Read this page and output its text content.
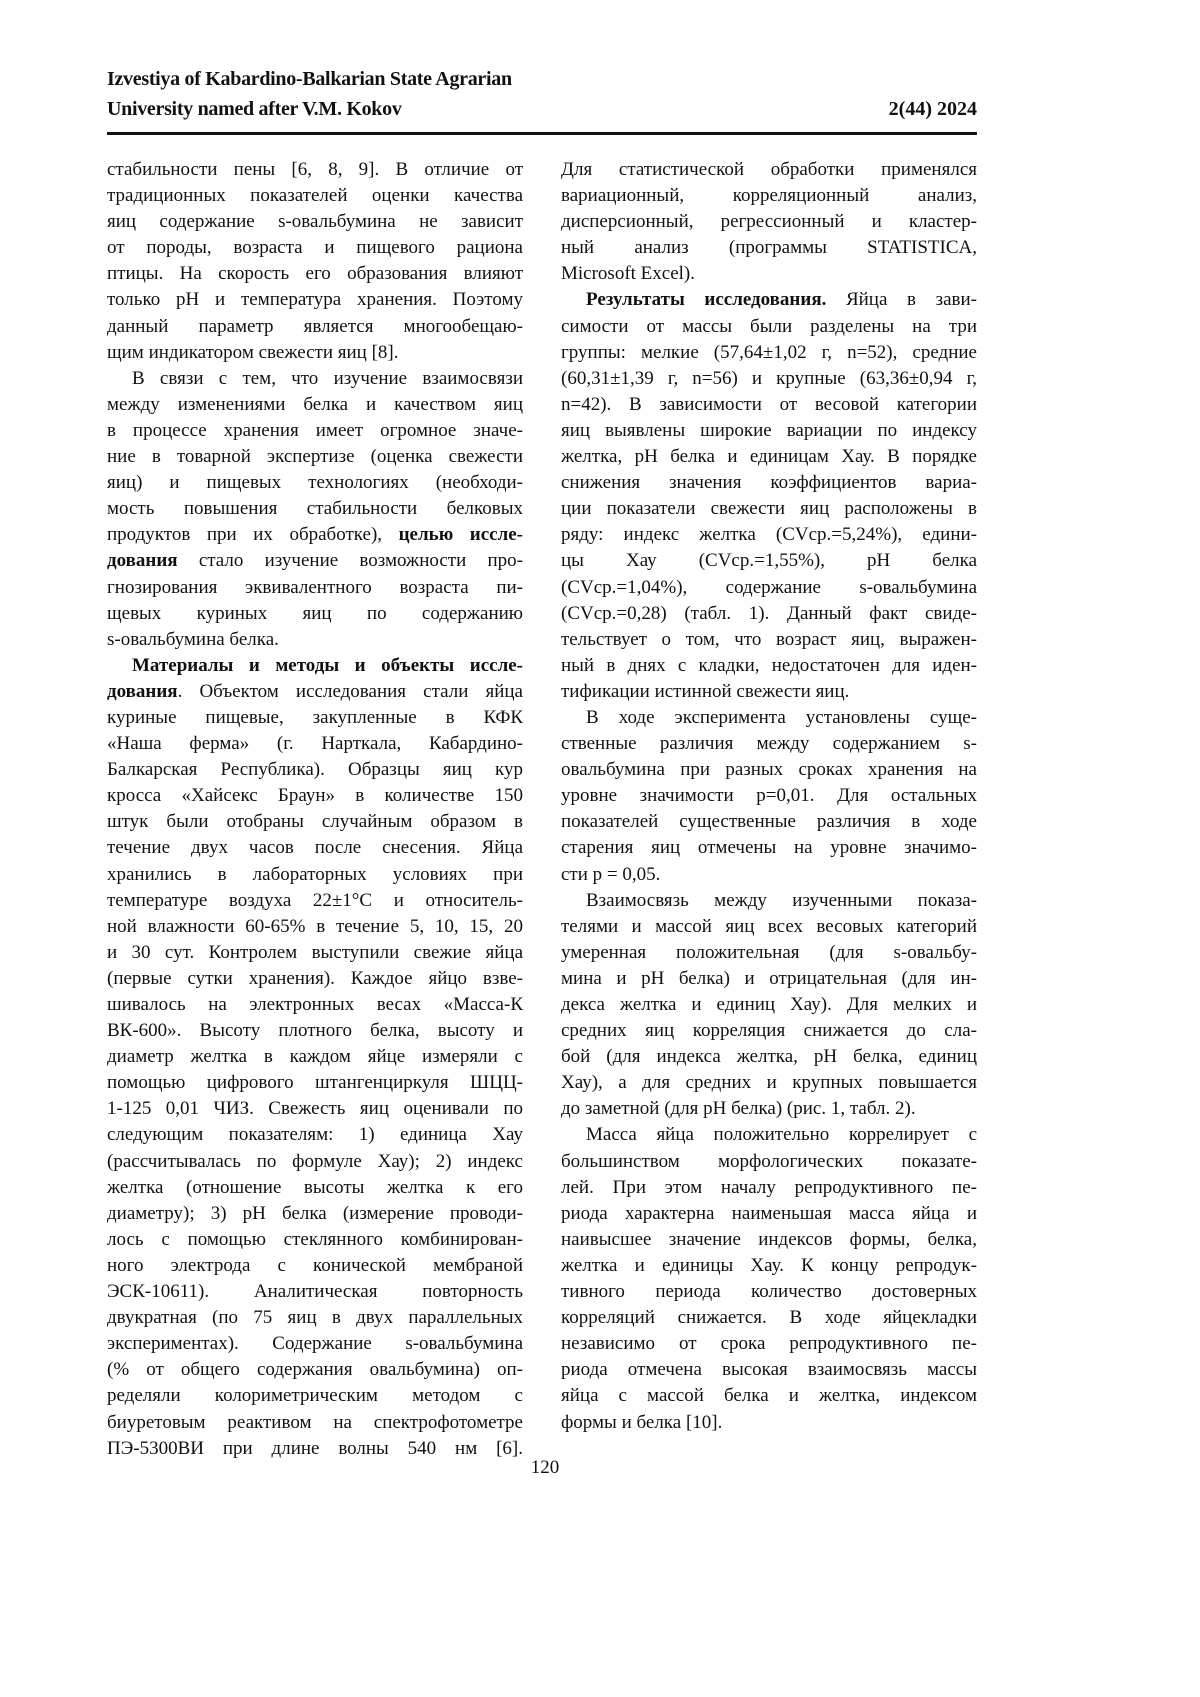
Izvestiya of Kabardino-Balkarian State Agrarian
University named after V.M. Kokov	2(44) 2024
стабильности пены [6, 8, 9]. В отличие от
традиционных показателей оценки качества
яиц содержание s-овальбумина не зависит
от породы, возраста и пищевого рациона
птицы. На скорость его образования влияют
только pH и температура хранения. Поэтому
данный параметр является многообещаю-
щим индикатором свежести яиц [8].
В связи с тем, что изучение взаимосвязи
между изменениями белка и качеством яиц
в процессе хранения имеет огромное значе-
ние в товарной экспертизе (оценка свежести
яиц) и пищевых технологиях (необходи-
мость повышения стабильности белковых
продуктов при их обработке), целью иссле-
дования стало изучение возможности про-
гнозирования эквивалентного возраста пи-
щевых куриных яиц по содержанию
s-овальбумина белка.
Материалы и методы и объекты иссле-
дования. Объектом исследования стали яйца
куриные пищевые, закупленные в КФК
«Наша ферма» (г. Нарткала, Кабардино-
Балкарская Республика). Образцы яиц кур
кросса «Хайсекс Браун» в количестве 150
штук были отобраны случайным образом в
течение двух часов после снесения. Яйца
хранились в лабораторных условиях при
температуре воздуха 22±1°C и относитель-
ной влажности 60-65% в течение 5, 10, 15, 20
и 30 сут. Контролем выступили свежие яйца
(первые сутки хранения). Каждое яйцо взве-
шивалось на электронных весах «Масса-К
ВК-600». Высоту плотного белка, высоту и
диаметр желтка в каждом яйце измеряли с
помощью цифрового штангенциркуля ШЦЦ-
1-125 0,01 ЧИЗ. Свежесть яиц оценивали по
следующим показателям: 1) единица Хау
(рассчитывалась по формуле Хау); 2) индекс
желтка (отношение высоты желтка к его
диаметру); 3) pH белка (измерение проводи-
лось с помощью стеклянного комбинирован-
ного электрода с конической мембраной
ЭСК-10611). Аналитическая повторность
двукратная (по 75 яиц в двух параллельных
экспериментах). Содержание s-овальбумина
(% от общего содержания овальбумина) оп-
ределяли колориметрическим методом с
биуретовым реактивом на спектрофотометре
ПЭ-5300ВИ при длине волны 540 нм [6].
Для статистической обработки применялся
вариационный, корреляционный анализ,
дисперсионный, регрессионный и кластер-
ный анализ (программы STATISTICA,
Microsoft Excel).
Результаты исследования. Яйца в зави-
симости от массы были разделены на три
группы: мелкие (57,64±1,02 г, n=52), средние
(60,31±1,39 г, n=56) и крупные (63,36±0,94 г,
n=42). В зависимости от весовой категории
яиц выявлены широкие вариации по индексу
желтка, pH белка и единицам Хау. В порядке
снижения значения коэффициентов вариа-
ции показатели свежести яиц расположены в
ряду: индекс желтка (CVср.=5,24%), едини-
цы Хау (CVср.=1,55%), pH белка
(CVср.=1,04%), содержание s-овальбумина
(CVср.=0,28) (табл. 1). Данный факт свиде-
тельствует о том, что возраст яиц, выражен-
ный в днях с кладки, недостаточен для иден-
тификации истинной свежести яиц.
В ходе эксперимента установлены суще-
ственные различия между содержанием s-
овальбумина при разных сроках хранения на
уровне значимости p=0,01. Для остальных
показателей существенные различия в ходе
старения яиц отмечены на уровне значимо-
сти p = 0,05.
Взаимосвязь между изученными показа-
телями и массой яиц всех весовых категорий
умеренная положительная (для s-овальбу-
мина и pH белка) и отрицательная (для ин-
декса желтка и единиц Хау). Для мелких и
средних яиц корреляция снижается до сла-
бой (для индекса желтка, pH белка, единиц
Хау), а для средних и крупных повышается
до заметной (для pH белка) (рис. 1, табл. 2).
Масса яйца положительно коррелирует с
большинством морфологических показате-
лей. При этом началу репродуктивного пе-
риода характерна наименьшая масса яйца и
наивысшее значение индексов формы, белка,
желтка и единицы Хау. К концу репродук-
тивного периода количество достоверных
корреляций снижается. В ходе яйцекладки
независимо от срока репродуктивного пе-
риода отмечена высокая взаимосвязь массы
яйца с массой белка и желтка, индексом
формы и белка [10].
120
